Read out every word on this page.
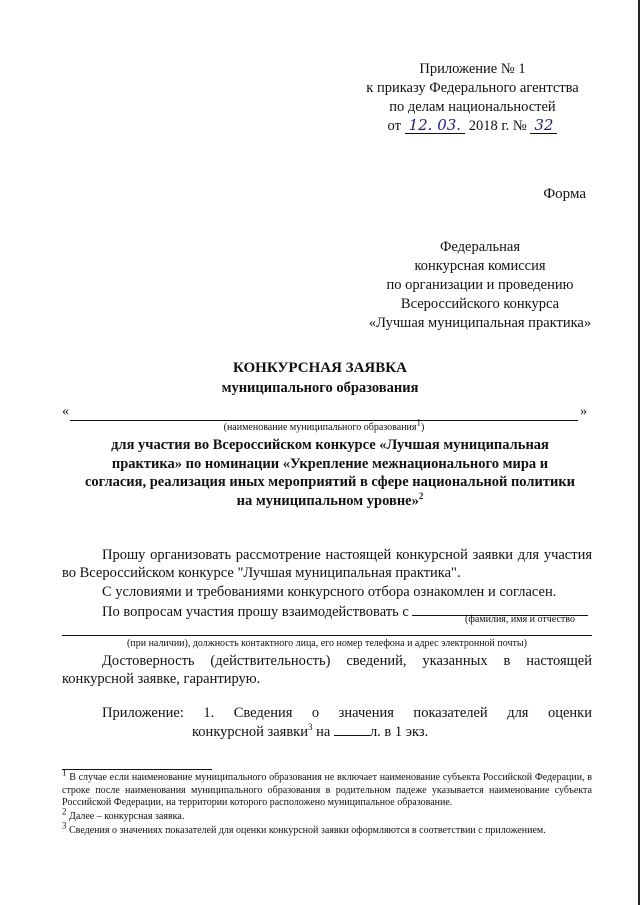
Приложение № 1
к приказу Федерального агентства
по делам национальностей
от 12. 03. 2018 г. № 32
Форма
Федеральная
конкурсная комиссия
по организации и проведению
Всероссийского конкурса
«Лучшая муниципальная практика»
КОНКУРСНАЯ ЗАЯВКА
муниципального образования
«	»
(наименование муниципального образования$^1$)
для участия во Всероссийском конкурсе «Лучшая муниципальная практика» по номинации «Укрепление межнационального мира и согласия, реализация иных мероприятий в сфере национальной политики на муниципальном уровне»$^2$
Прошу организовать рассмотрение настоящей конкурсной заявки для участия во Всероссийском конкурсе "Лучшая муниципальная практика".
С условиями и требованиями конкурсного отбора ознакомлен и согласен.
По вопросам участия прошу взаимодействовать с	(фамилия, имя и отчество
(при наличии), должность контактного лица, его номер телефона и адрес электронной почты)
Достоверность (действительность) сведений, указанных в настоящей
конкурсной заявке, гарантирую.
Приложение: 1. Сведения о значения показателей для оценки
конкурсной заявки$^3$ на	л. в 1 экз.
$^1$ В случае если наименование муниципального образования не включает наименование субъекта Российской Федерации, в строке после наименования муниципального образования в родительном падеже указывается наименование субъекта Российской Федерации, на территории которого расположено муниципальное образование.
$^2$ Далее – конкурсная заявка.
$^3$ Сведения о значениях показателей для оценки конкурсной заявки оформляются в соответствии с приложением.
